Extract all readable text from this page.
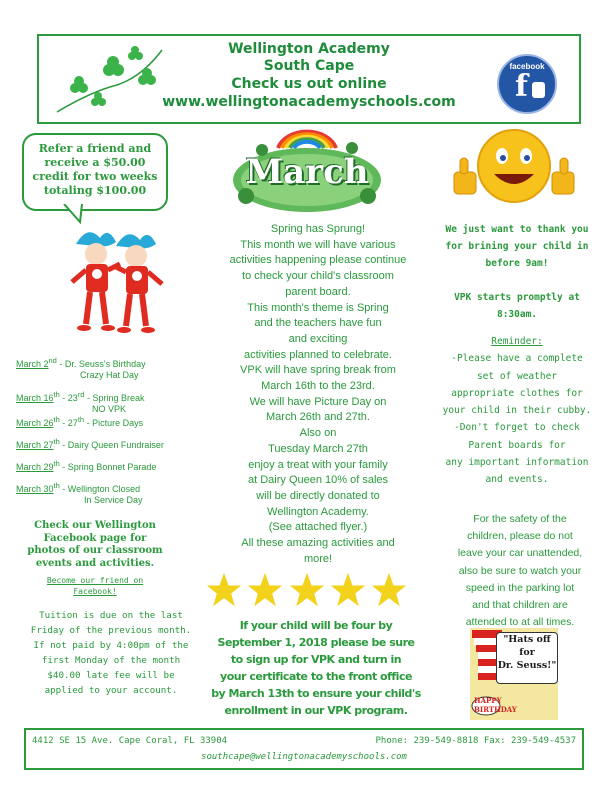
Wellington Academy
South Cape
Check us out online
www.wellingtonacademyschools.com
facebook
f
Refer a friend and
receive a $50.00
credit for two weeks
totaling $100.00
March 2nd - Dr. Seuss's Birthday
Crazy Hat Day
March 16th - 23rd - Spring Break
NO VPK
March 26th - 27th - Picture Days
March 27th - Dairy Queen Fundraiser
March 29th - Spring Bonnet Parade
March 30th - Wellington Closed
In Service Day
Check our Wellington
Facebook page for
photos of our classroom
events and activities.
Become our friend on
Facebook!
Tuition is due on the last
Friday of the previous month.
If not paid by 4:00pm of the
first Monday of the month
$40.00 late fee will be
applied to your account.
March
Spring has Sprung!
This month we will have various
activities happening please continue
to check your child's classroom
parent board.
This month's theme is Spring
and the teachers have fun
and exciting
activities planned to celebrate.
VPK will have spring break from
March 16th to the 23rd.
We will have Picture Day on
March 26th and 27th.
Also on
Tuesday March 27th
enjoy a treat with your family
at Dairy Queen 10% of sales
will be directly donated to
Wellington Academy.
(See attached flyer.)
All these amazing activities and
more!
If your child will be four by
September 1, 2018 please be sure
to sign up for VPK and turn in
your certificate to the front office
by March 13th to ensure your child's
enrollment in our VPK program.
We just want to thank you
for brining your child in
before 9am!
VPK starts promptly at
8:30am.
Reminder:
-Please have a complete
set of weather
appropriate clothes for
your child in their cubby.
-Don't forget to check
Parent boards for
any important information
and events.
For the safety of the
children, please do not
leave your car unattended,
also be sure to watch your
speed in the parking lot
and that children are
attended to at all times.
"Hats off
for
Dr. Seuss!"
HAPPY
BIRTHDAY
4412 SE 15 Ave. Cape Coral, FL 33904	Phone: 239-549-8818 Fax: 239-549-4537
southcape@wellingtonacademyschools.com
